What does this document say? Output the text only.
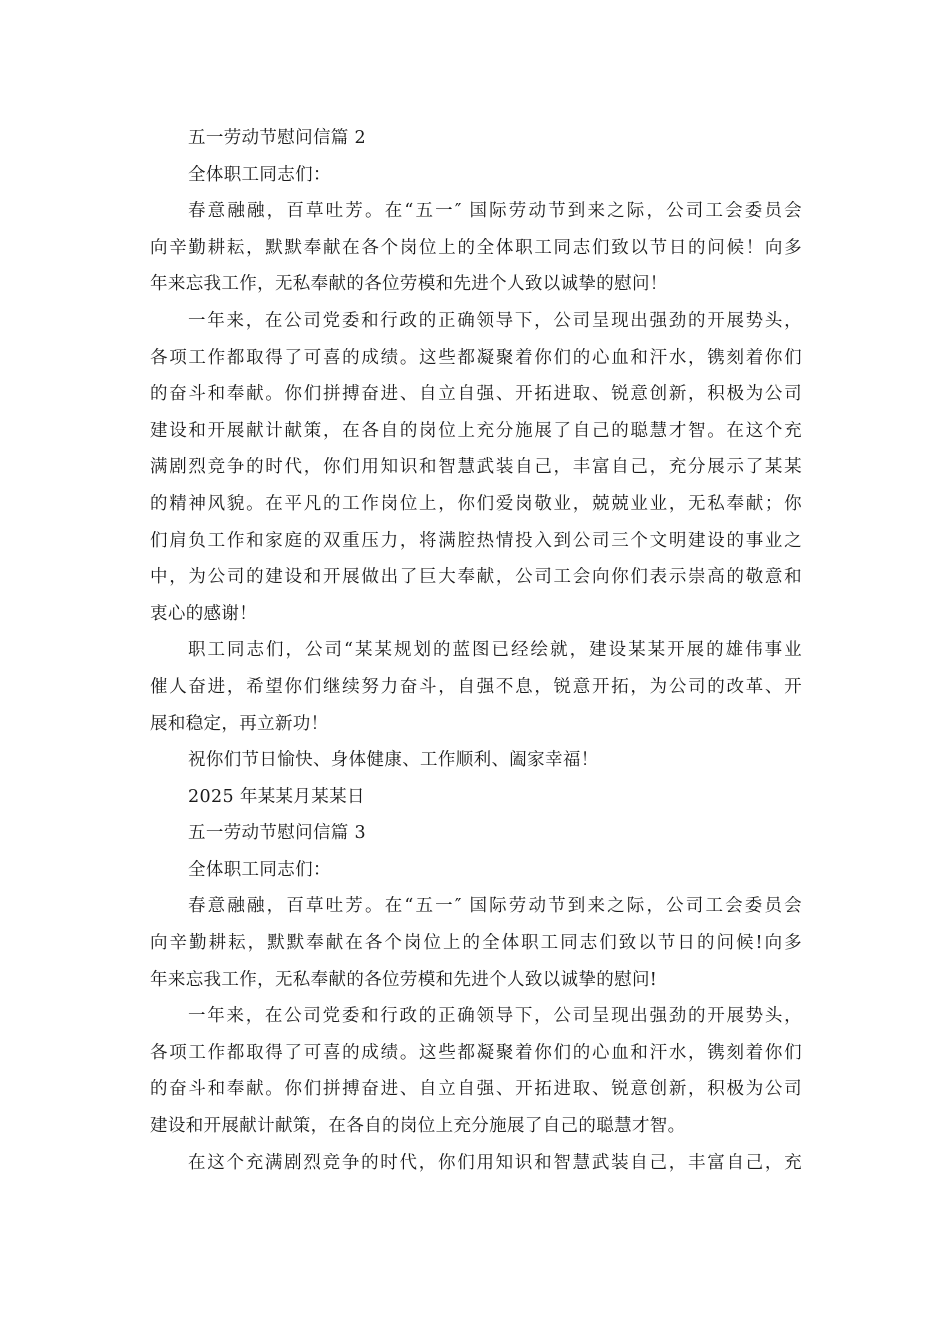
五一劳动节慰问信篇 2
全体职工同志们：
春意融融，百草吐芳。在“五一″ 国际劳动节到来之际，公司工会委员会
向辛勤耕耘，默默奉献在各个岗位上的全体职工同志们致以节日的问候！向多
年来忘我工作，无私奉献的各位劳模和先进个人致以诚挚的慰问！
一年来，在公司党委和行政的正确领导下，公司呈现出强劲的开展势头，
各项工作都取得了可喜的成绩。这些都凝聚着你们的心血和汗水，镌刻着你们
的奋斗和奉献。你们拼搏奋进、自立自强、开拓进取、锐意创新，积极为公司
建设和开展献计献策，在各自的岗位上充分施展了自己的聪慧才智。在这个充
满剧烈竞争的时代，你们用知识和智慧武装自己，丰富自己，充分展示了某某
的精神风貌。在平凡的工作岗位上，你们爱岗敬业，兢兢业业，无私奉献；你
们肩负工作和家庭的双重压力，将满腔热情投入到公司三个文明建设的事业之
中，为公司的建设和开展做出了巨大奉献，公司工会向你们表示崇高的敬意和
衷心的感谢！
职工同志们，公司“某某规划的蓝图已经绘就，建设某某开展的雄伟事业
催人奋进，希望你们继续努力奋斗，自强不息，锐意开拓，为公司的改革、开
展和稳定，再立新功！
祝你们节日愉快、身体健康、工作顺利、阖家幸福！
2025 年某某月某某日
五一劳动节慰问信篇 3
全体职工同志们：
春意融融，百草吐芳。在“五一″ 国际劳动节到来之际，公司工会委员会
向辛勤耕耘，默默奉献在各个岗位上的全体职工同志们致以节日的问候!向多
年来忘我工作，无私奉献的各位劳模和先进个人致以诚挚的慰问!
一年来，在公司党委和行政的正确领导下，公司呈现出强劲的开展势头，
各项工作都取得了可喜的成绩。这些都凝聚着你们的心血和汗水，镌刻着你们
的奋斗和奉献。你们拼搏奋进、自立自强、开拓进取、锐意创新，积极为公司
建设和开展献计献策，在各自的岗位上充分施展了自己的聪慧才智。
在这个充满剧烈竞争的时代，你们用知识和智慧武装自己，丰富自己，充
